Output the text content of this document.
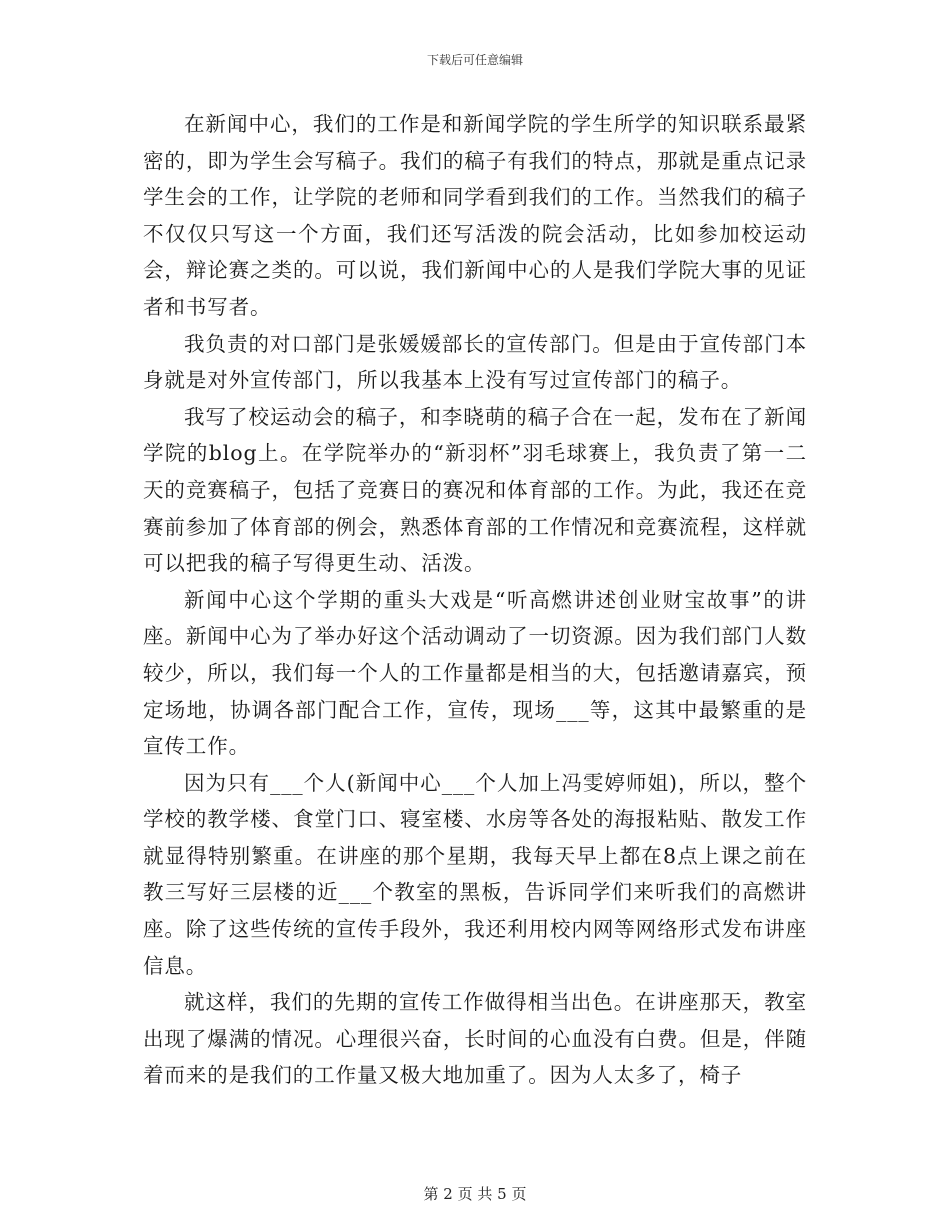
下载后可任意编辑

在新闻中心，我们的工作是和新闻学院的学生所学的知识联系最紧密的，即为学生会写稿子。我们的稿子有我们的特点，那就是重点记录学生会的工作，让学院的老师和同学看到我们的工作。当然我们的稿子不仅仅只写这一个方面，我们还写活泼的院会活动，比如参加校运动会，辩论赛之类的。可以说，我们新闻中心的人是我们学院大事的见证者和书写者。

我负责的对口部门是张媛媛部长的宣传部门。但是由于宣传部门本身就是对外宣传部门，所以我基本上没有写过宣传部门的稿子。

我写了校运动会的稿子，和李晓萌的稿子合在一起，发布在了新闻学院的blog上。在学院举办的“新羽杯”羽毛球赛上，我负责了第一二天的竞赛稿子，包括了竞赛日的赛况和体育部的工作。为此，我还在竞赛前参加了体育部的例会，熟悉体育部的工作情况和竞赛流程，这样就可以把我的稿子写得更生动、活泼。

新闻中心这个学期的重头大戏是“听高燃讲述创业财宝故事”的讲座。新闻中心为了举办好这个活动调动了一切资源。因为我们部门人数较少，所以，我们每一个人的工作量都是相当的大，包括邀请嘉宾，预定场地，协调各部门配合工作，宣传，现场___等，这其中最繁重的是宣传工作。

因为只有___个人(新闻中心___个人加上冯雯婷师姐)，所以，整个学校的教学楼、食堂门口、寝室楼、水房等各处的海报粘贴、散发工作就显得特别繁重。在讲座的那个星期，我每天早上都在8点上课之前在教三写好三层楼的近___个教室的黑板，告诉同学们来听我们的高燃讲座。除了这些传统的宣传手段外，我还利用校内网等网络形式发布讲座信息。

就这样，我们的先期的宣传工作做得相当出色。在讲座那天，教室出现了爆满的情况。心理很兴奋，长时间的心血没有白费。但是，伴随着而来的是我们的工作量又极大地加重了。因为人太多了，椅子

第 2 页 共 5 页
